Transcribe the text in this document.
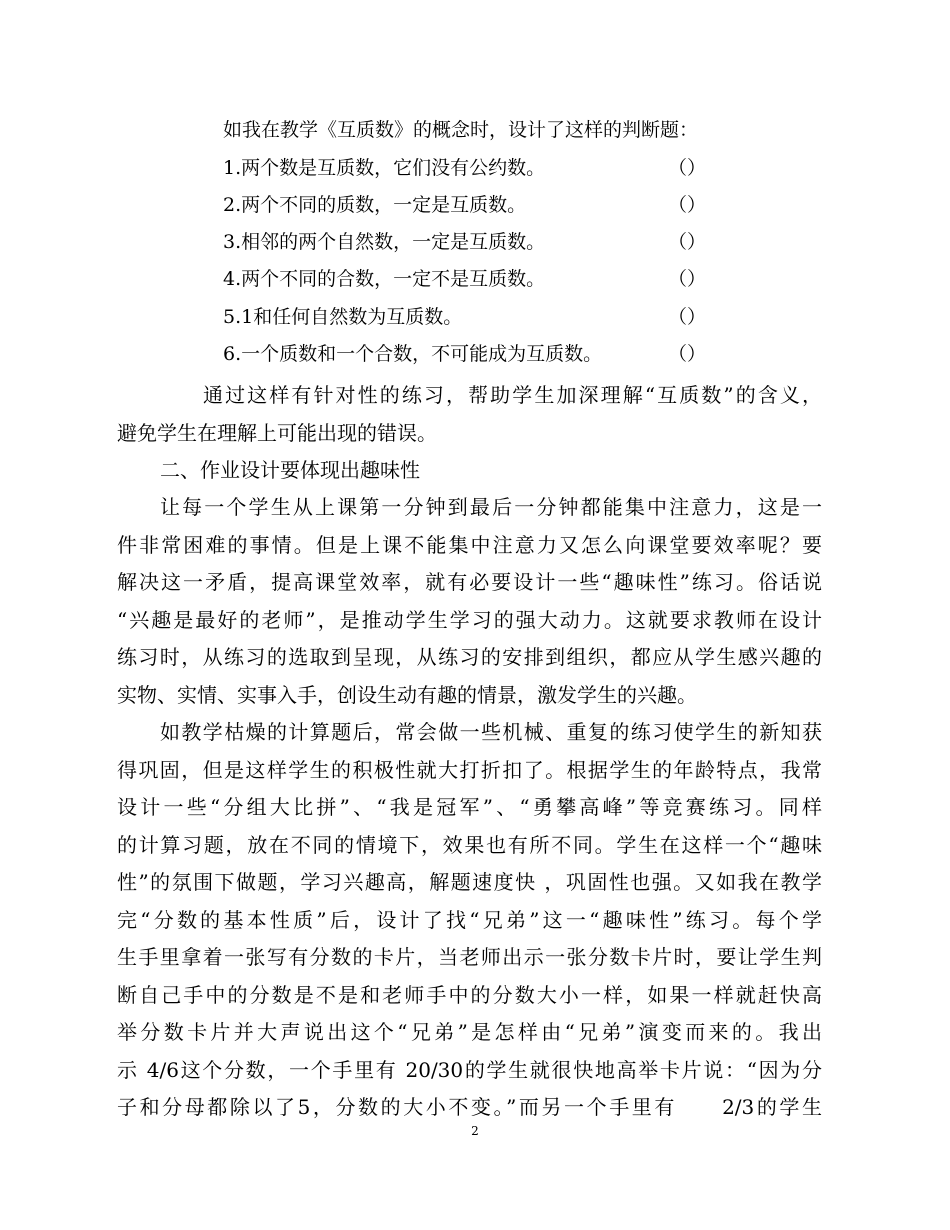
如我在教学《互质数》的概念时，设计了这样的判断题：
1.两个数是互质数，它们没有公约数。	（）
2.两个不同的质数，一定是互质数。	（）
3.相邻的两个自然数，一定是互质数。	（）
4.两个不同的合数，一定不是互质数。	（）
5.1和任何自然数为互质数。	（）
6.一个质数和一个合数，不可能成为互质数。	（）
通过这样有针对性的练习，帮助学生加深理解“互质数”的含义，
避免学生在理解上可能出现的错误。
二、作业设计要体现出趣味性
让每一个学生从上课第一分钟到最后一分钟都能集中注意力，这是一
件非常困难的事情。但是上课不能集中注意力又怎么向课堂要效率呢？要
解决这一矛盾，提高课堂效率，就有必要设计一些“趣味性”练习。俗话说
“兴趣是最好的老师”，是推动学生学习的强大动力。这就要求教师在设计
练习时，从练习的选取到呈现，从练习的安排到组织，都应从学生感兴趣的
实物、实情、实事入手，创设生动有趣的情景，激发学生的兴趣。
如教学枯燥的计算题后，常会做一些机械、重复的练习使学生的新知获
得巩固，但是这样学生的积极性就大打折扣了。根据学生的年龄特点，我常
设计一些“分组大比拼”、“我是冠军”、“勇攀高峰”等竞赛练习。同样
的计算习题，放在不同的情境下，效果也有所不同。学生在这样一个“趣味
性”的氛围下做题，学习兴趣高，解题速度快 ，巩固性也强。又如我在教学
完“分数的基本性质”后，设计了找“兄弟”这一“趣味性”练习。每个学
生手里拿着一张写有分数的卡片，当老师出示一张分数卡片时，要让学生判
断自己手中的分数是不是和老师手中的分数大小一样，如果一样就赶快高
举分数卡片并大声说出这个“兄弟”是怎样由“兄弟”演变而来的。我出
示 4/6这个分数，一个手里有 20/30的学生就很快地高举卡片说：“因为分
子和分母都除以了5，分数的大小不变。”而另一个手里有　　2/3的学生
2
